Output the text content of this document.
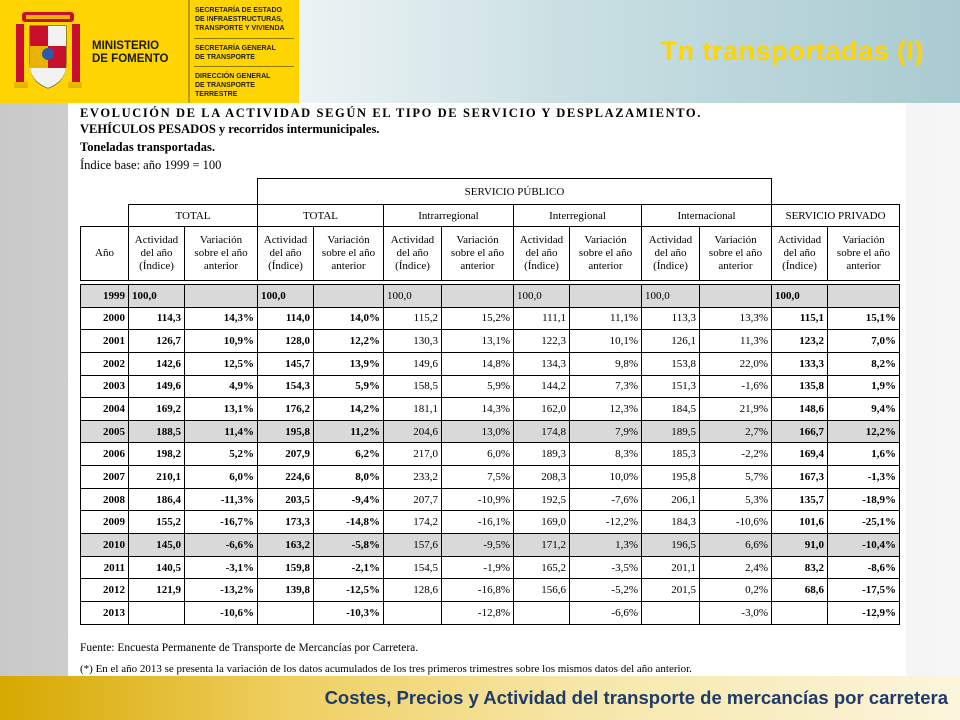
MINISTERIO
DE FOMENTO
SECRETARÍA DE ESTADO
DE INFRAESTRUCTURAS,
TRANSPORTE Y VIVIENDA
SECRETARÍA GENERAL
DE TRANSPORTE
DIRECCIÓN GENERAL
DE TRANSPORTE
TERRESTRE
Tn transportadas (I)
EVOLUCIÓN DE LA ACTIVIDAD SEGÚN EL TIPO DE SERVICIO Y DESPLAZAMIENTO.
VEHÍCULOS PESADOS y recorridos intermunicipales.
Toneladas transportadas.
Índice base: año 1999 = 100
			SERVICIO PÚBLICO									
	TOTAL		TOTAL		Intrarregional		Interregional		Internacional		SERVICIO PRIVADO	
Año	Actividad del año (Índice)	Variación sobre el año anterior	Actividad del año (Índice)	Variación sobre el año anterior	Actividad del año (Índice)	Variación sobre el año anterior	Actividad del año (Índice)	Variación sobre el año anterior	Actividad del año (Índice)	Variación sobre el año anterior	Actividad del año (Índice)	Variación sobre el año anterior

1999	100,0		100,0		100,0		100,0		100,0		100,0	
2000	114,3	14,3%	114,0	14,0%	115,2	15,2%	111,1	11,1%	113,3	13,3%	115,1	15,1%
2001	126,7	10,9%	128,0	12,2%	130,3	13,1%	122,3	10,1%	126,1	11,3%	123,2	7,0%
2002	142,6	12,5%	145,7	13,9%	149,6	14,8%	134,3	9,8%	153,8	22,0%	133,3	8,2%
2003	149,6	4,9%	154,3	5,9%	158,5	5,9%	144,2	7,3%	151,3	-1,6%	135,8	1,9%
2004	169,2	13,1%	176,2	14,2%	181,1	14,3%	162,0	12,3%	184,5	21,9%	148,6	9,4%
2005	188,5	11,4%	195,8	11,2%	204,6	13,0%	174,8	7,9%	189,5	2,7%	166,7	12,2%
2006	198,2	5,2%	207,9	6,2%	217,0	6,0%	189,3	8,3%	185,3	-2,2%	169,4	1,6%
2007	210,1	6,0%	224,6	8,0%	233,2	7,5%	208,3	10,0%	195,8	5,7%	167,3	-1,3%
2008	186,4	-11,3%	203,5	-9,4%	207,7	-10,9%	192,5	-7,6%	206,1	5,3%	135,7	-18,9%
2009	155,2	-16,7%	173,3	-14,8%	174,2	-16,1%	169,0	-12,2%	184,3	-10,6%	101,6	-25,1%
2010	145,0	-6,6%	163,2	-5,8%	157,6	-9,5%	171,2	1,3%	196,5	6,6%	91,0	-10,4%
2011	140,5	-3,1%	159,8	-2,1%	154,5	-1,9%	165,2	-3,5%	201,1	2,4%	83,2	-8,6%
2012	121,9	-13,2%	139,8	-12,5%	128,6	-16,8%	156,6	-5,2%	201,5	0,2%	68,6	-17,5%
2013		-10,6%		-10,3%		-12,8%		-6,6%		-3,0%		-12,9%
Fuente: Encuesta Permanente de Transporte de Mercancías por Carretera.
(*) En el año 2013 se presenta la variación de los datos acumulados de los tres primeros trimestres sobre los mismos datos del año anterior.
Costes, Precios y Actividad del transporte de mercancías por carretera
